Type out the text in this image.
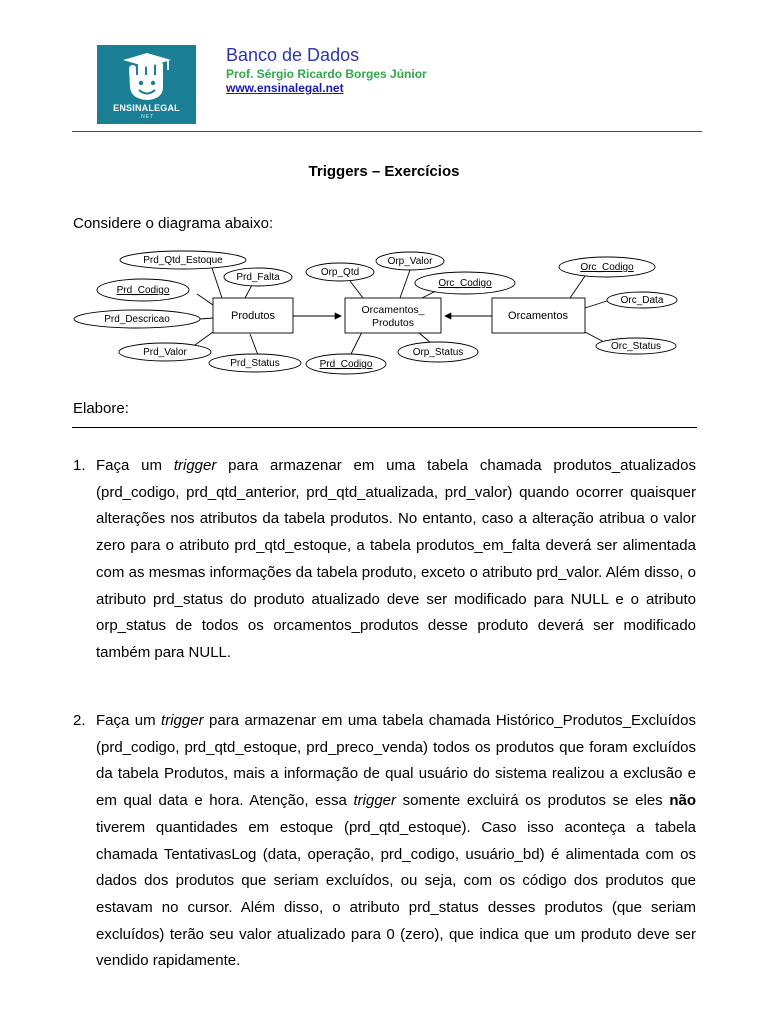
ENSINALEGAL
.NET
Banco de Dados
Prof. Sérgio Ricardo Borges Júnior
www.ensinalegal.net
Triggers – Exercícios
Considere o diagrama abaixo:
Produtos	Orcamentos_
Produtos
Orcamentos
Prd_Qtd_Estoque
Prd_Falta
Prd_Codigo
Prd_Descricao
Prd_Valor
Prd_Status
Orp_Qtd
Orp_Valor
Orc_Codigo
Prd_Codigo
Orp_Status
Orc_Codigo
Orc_Data
Orc_Status
Elabore:
1. Faça um trigger para armazenar em uma tabela chamada produtos_atualizados (prd_codigo, prd_qtd_anterior, prd_qtd_atualizada, prd_valor) quando ocorrer quaisquer alterações nos atributos da tabela produtos. No entanto, caso a alteração atribua o valor zero para o atributo prd_qtd_estoque, a tabela produtos_em_falta deverá ser alimentada com as mesmas informações da tabela produto, exceto o atributo prd_valor. Além disso, o atributo prd_status do produto atualizado deve ser modificado para NULL e o atributo orp_status de todos os orcamentos_produtos desse produto deverá ser modificado também para NULL.
2. Faça um trigger para armazenar em uma tabela chamada Histórico_Produtos_Excluídos (prd_codigo, prd_qtd_estoque, prd_preco_venda) todos os produtos que foram excluídos da tabela Produtos, mais a informação de qual usuário do sistema realizou a exclusão e em qual data e hora. Atenção, essa trigger somente excluirá os produtos se eles não tiverem quantidades em estoque (prd_qtd_estoque). Caso isso aconteça a tabela chamada TentativasLog (data, operação, prd_codigo, usuário_bd) é alimentada com os dados dos produtos que seriam excluídos, ou seja, com os código dos produtos que estavam no cursor. Além disso, o atributo prd_status desses produtos (que seriam excluídos) terão seu valor atualizado para 0 (zero), que indica que um produto deve ser vendido rapidamente.
